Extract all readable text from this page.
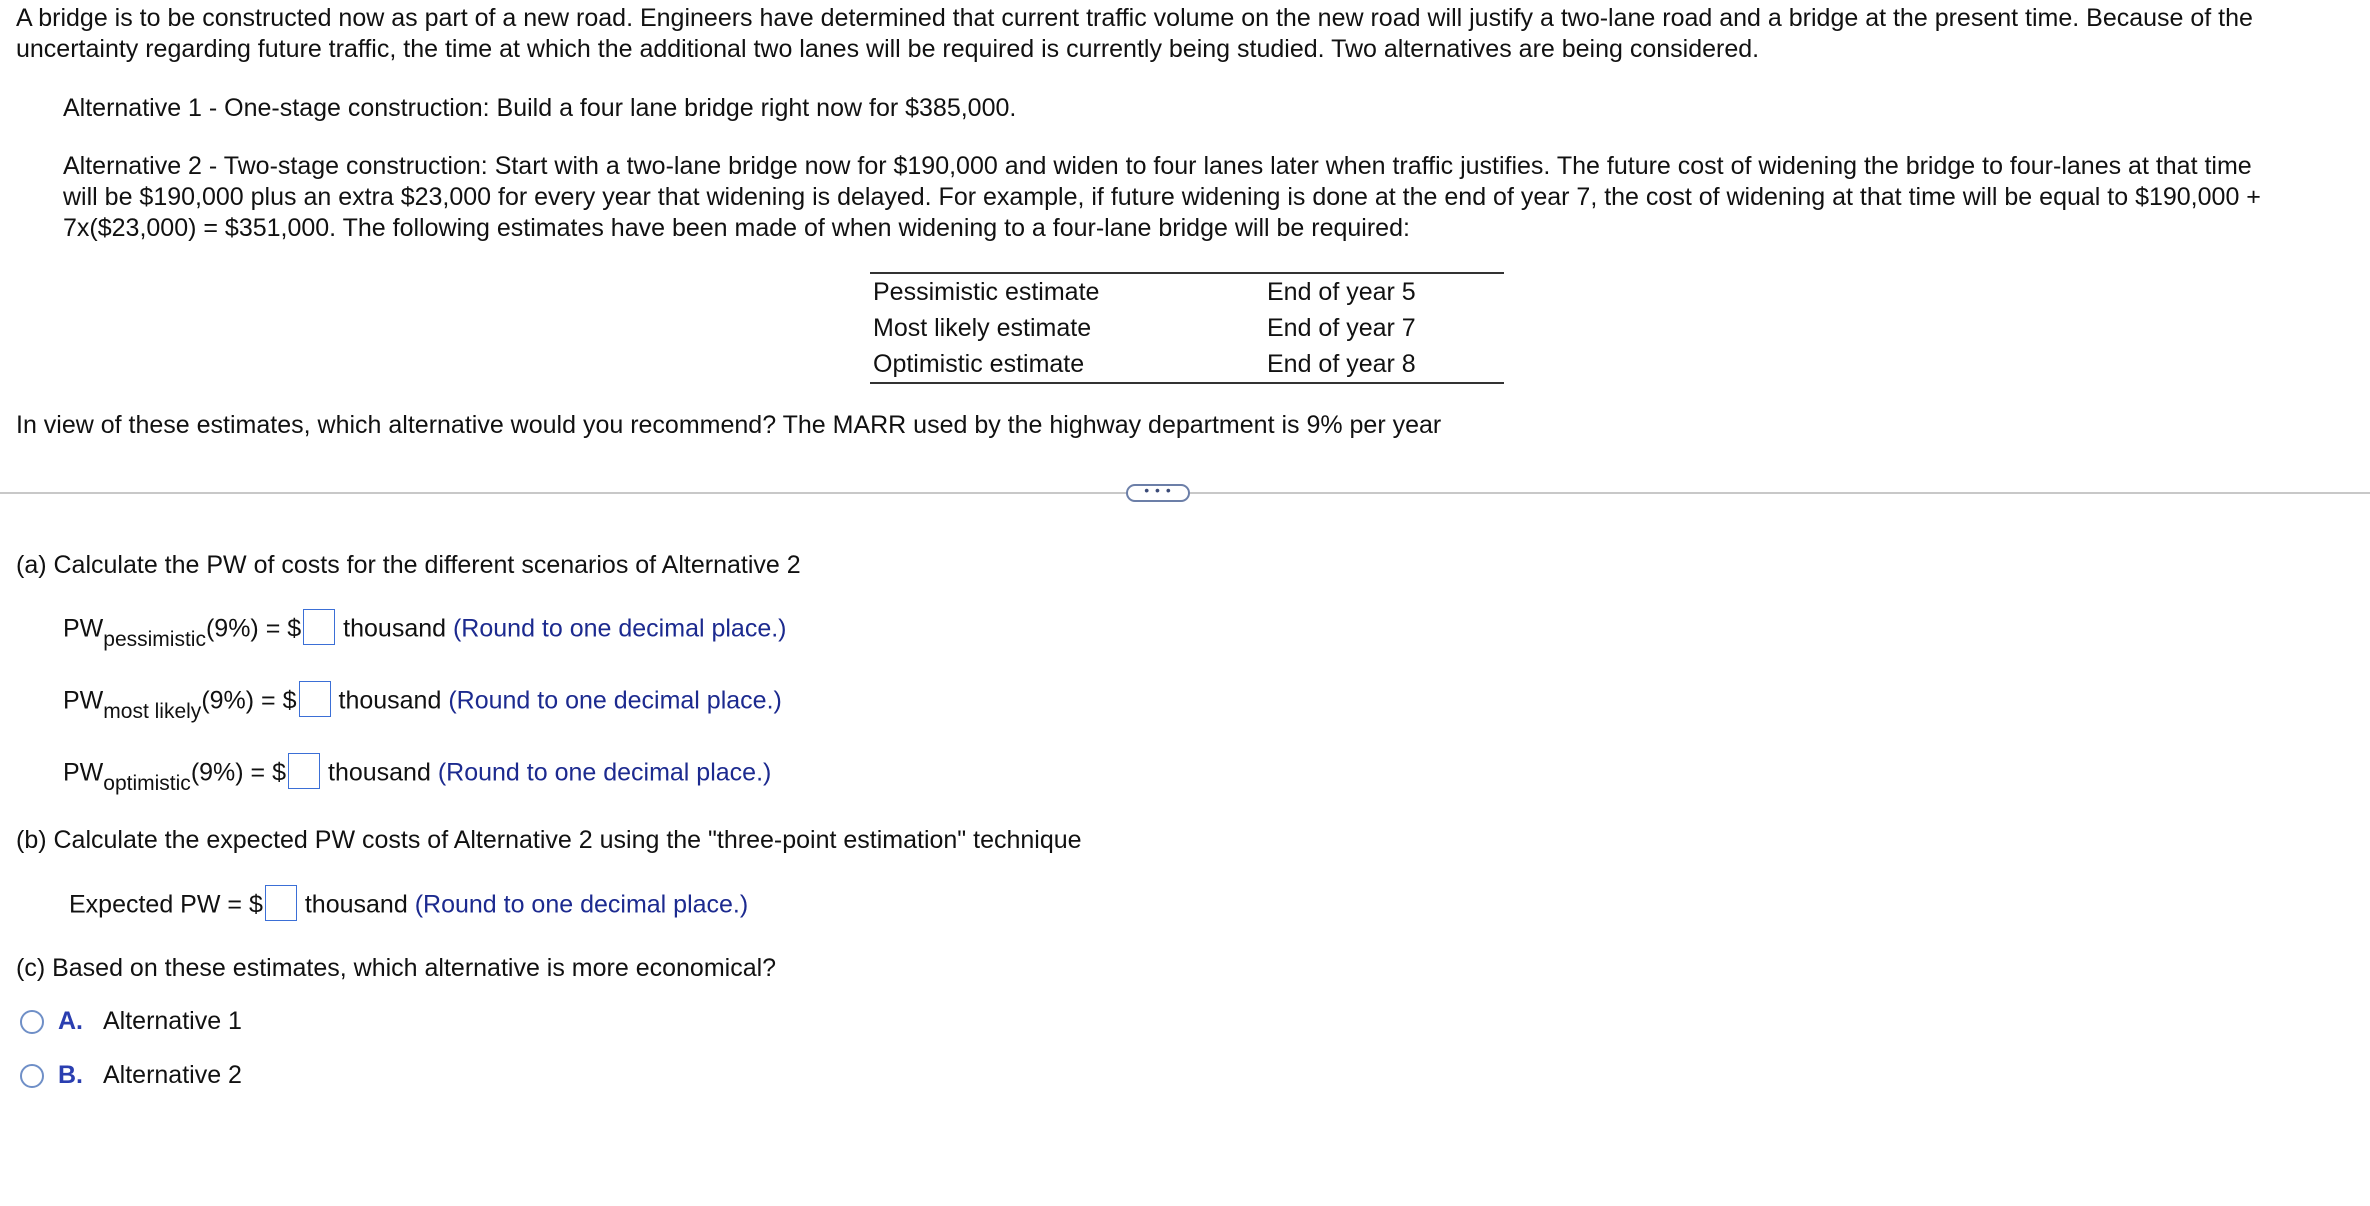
A bridge is to be constructed now as part of a new road. Engineers have determined that current traffic volume on the new road will justify a two-lane road and a bridge at the present time. Because of the uncertainty regarding future traffic, the time at which the additional two lanes will be required is currently being studied. Two alternatives are being considered.
Alternative 1 - One-stage construction: Build a four lane bridge right now for $385,000.
Alternative 2 - Two-stage construction: Start with a two-lane bridge now for $190,000 and widen to four lanes later when traffic justifies. The future cost of widening the bridge to four-lanes at that time
will be $190,000 plus an extra $23,000 for every year that widening is delayed. For example, if future widening is done at the end of year 7, the cost of widening at that time will be equal to $190,000 +
7x($23,000) = $351,000. The following estimates have been made of when widening to a four-lane bridge will be required:
Pessimistic estimate	End of year 5
Most likely estimate	End of year 7
Optimistic estimate	End of year 8
In view of these estimates, which alternative would you recommend? The MARR used by the highway department is 9% per year
• • •
(a) Calculate the PW of costs for the different scenarios of Alternative 2
$PW_{pessimistic}(9\%)$ = $ thousand (Round to one decimal place.)
$PW_{most likely}(9\%)$ = $ thousand (Round to one decimal place.)
$PW_{optimistic}(9\%)$ = $ thousand (Round to one decimal place.)
(b) Calculate the expected PW costs of Alternative 2 using the "three-point estimation" technique
Expected PW = $ thousand (Round to one decimal place.)
(c) Based on these estimates, which alternative is more economical?
A. Alternative 1
B. Alternative 2
